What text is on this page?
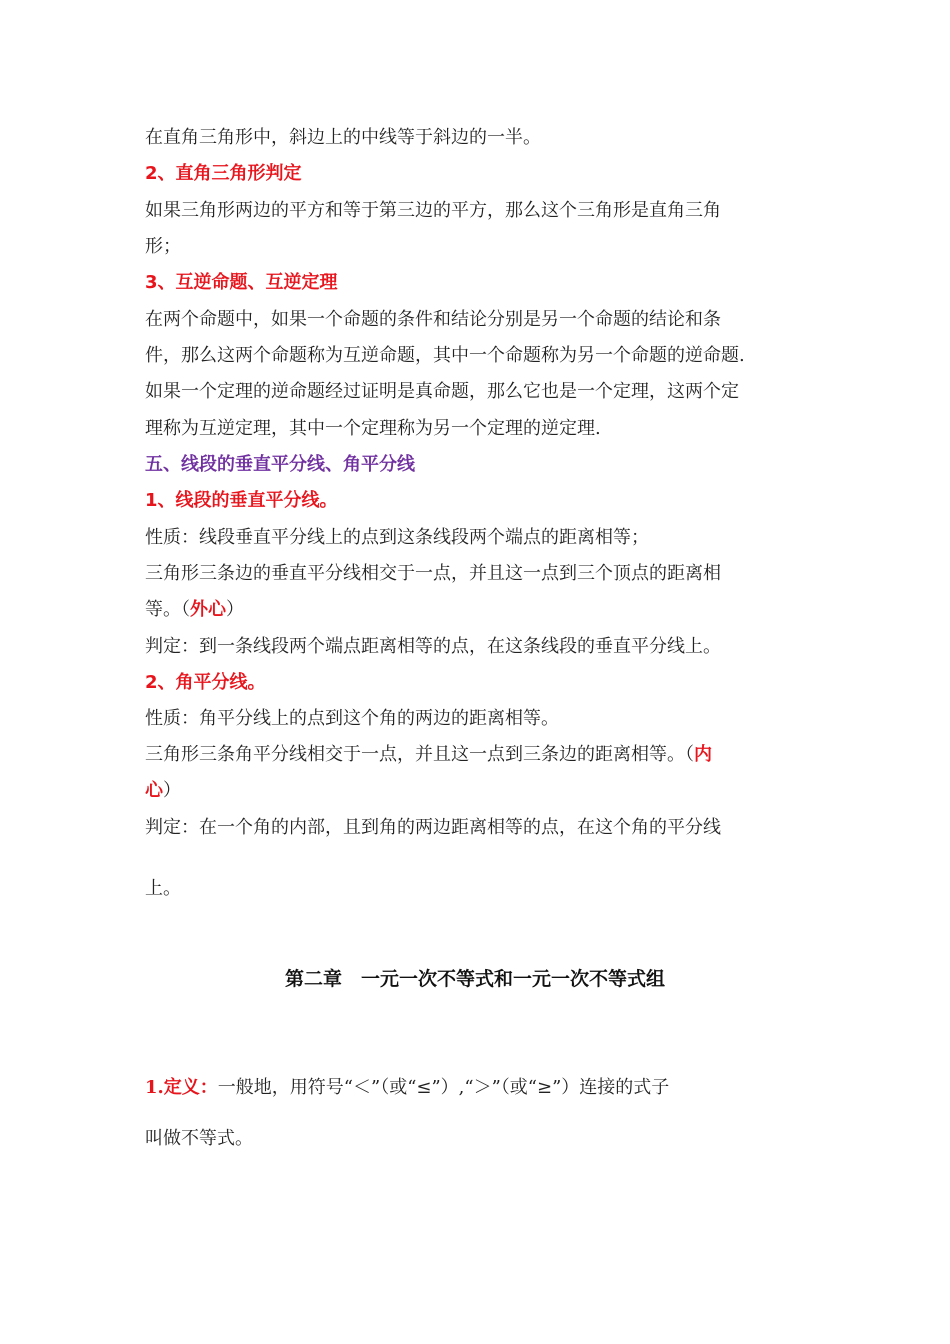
在直角三角形中，斜边上的中线等于斜边的一半。
2、直角三角形判定
如果三角形两边的平方和等于第三边的平方，那么这个三角形是直角三角
形；
3、互逆命题、互逆定理
在两个命题中，如果一个命题的条件和结论分别是另一个命题的结论和条
件，那么这两个命题称为互逆命题，其中一个命题称为另一个命题的逆命题.
如果一个定理的逆命题经过证明是真命题，那么它也是一个定理，这两个定
理称为互逆定理，其中一个定理称为另一个定理的逆定理.
五、线段的垂直平分线、角平分线
1、线段的垂直平分线。
性质：线段垂直平分线上的点到这条线段两个端点的距离相等；
三角形三条边的垂直平分线相交于一点，并且这一点到三个顶点的距离相
等。（外心）
判定：到一条线段两个端点距离相等的点，在这条线段的垂直平分线上。
2、角平分线。
性质：角平分线上的点到这个角的两边的距离相等。
三角形三条角平分线相交于一点，并且这一点到三条边的距离相等。（内
心）
判定：在一个角的内部，且到角的两边距离相等的点，在这个角的平分线
上。
第二章　一元一次不等式和一元一次不等式组
1.定义：一般地，用符号“＜”（或“≤”）,“＞”（或“≥”）连接的式子
叫做不等式。
